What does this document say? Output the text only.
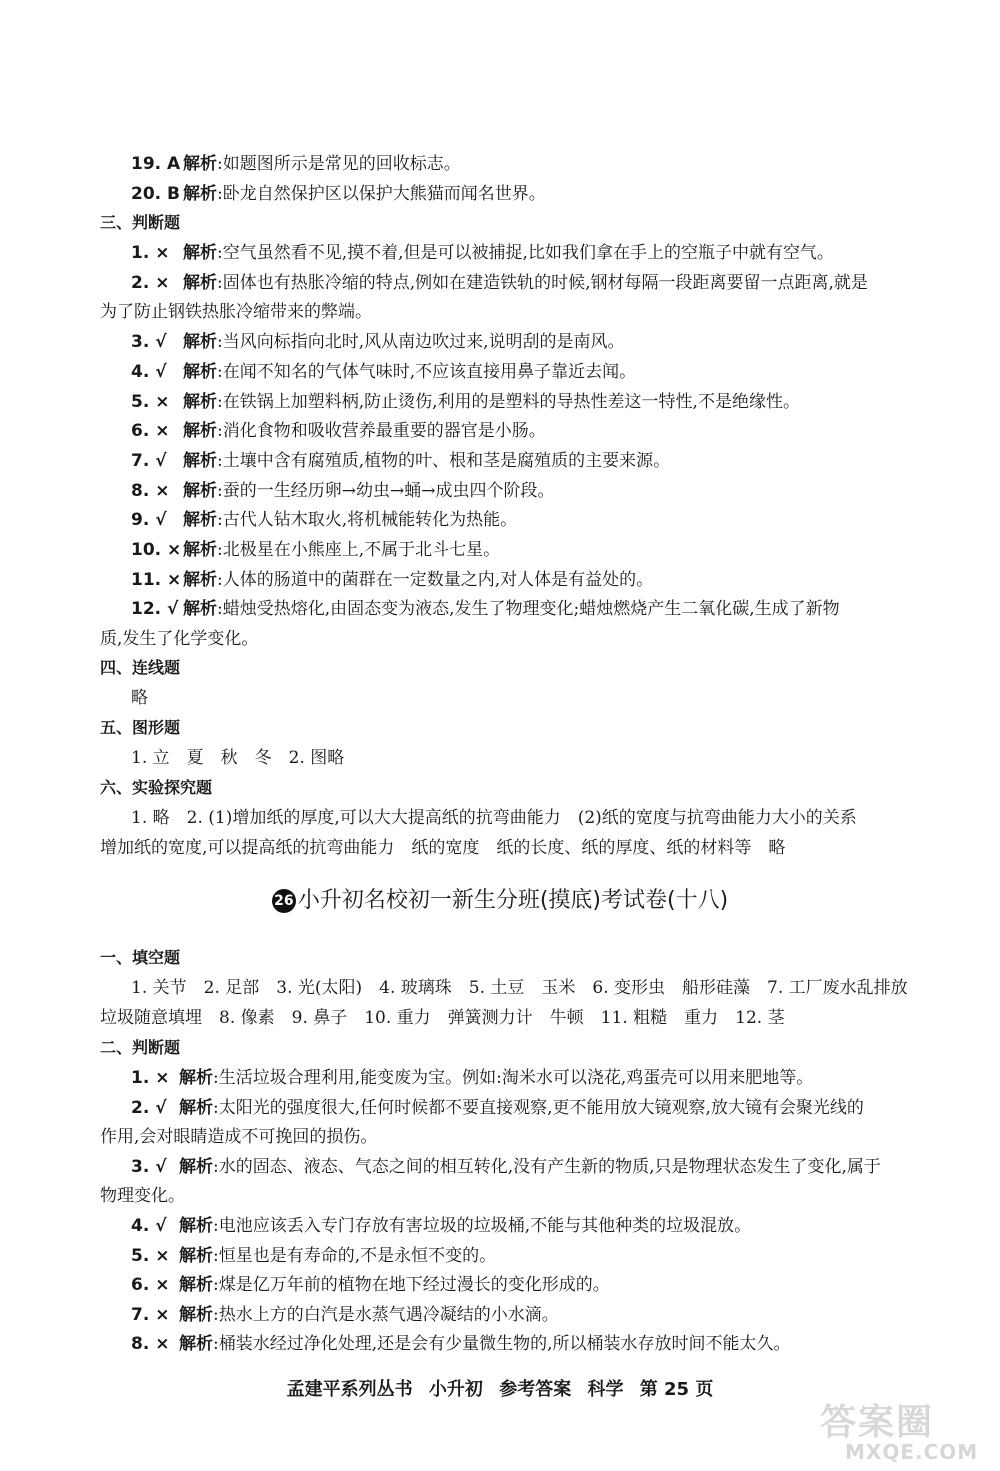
19. A 解析:如题图所示是常见的回收标志。
20. B 解析:卧龙自然保护区以保护大熊猫而闻名世界。
三、判断题
1. × 解析:空气虽然看不见,摸不着,但是可以被捕捉,比如我们拿在手上的空瓶子中就有空气。
2. × 解析:固体也有热胀冷缩的特点,例如在建造铁轨的时候,钢材每隔一段距离要留一点距离,就是
为了防止钢铁热胀冷缩带来的弊端。
3. √ 解析:当风向标指向北时,风从南边吹过来,说明刮的是南风。
4. √ 解析:在闻不知名的气体气味时,不应该直接用鼻子靠近去闻。
5. × 解析:在铁锅上加塑料柄,防止烫伤,利用的是塑料的导热性差这一特性,不是绝缘性。
6. × 解析:消化食物和吸收营养最重要的器官是小肠。
7. √ 解析:土壤中含有腐殖质,植物的叶、根和茎是腐殖质的主要来源。
8. × 解析:蚕的一生经历卵→幼虫→蛹→成虫四个阶段。
9. √ 解析:古代人钻木取火,将机械能转化为热能。
10. × 解析:北极星在小熊座上,不属于北斗七星。
11. × 解析:人体的肠道中的菌群在一定数量之内,对人体是有益处的。
12. √ 解析:蜡烛受热熔化,由固态变为液态,发生了物理变化;蜡烛燃烧产生二氧化碳,生成了新物
质,发生了化学变化。
四、连线题
略
五、图形题
1. 立　夏　秋　冬　2. 图略
六、实验探究题
1. 略　2. (1)增加纸的厚度,可以大大提高纸的抗弯曲能力　(2)纸的宽度与抗弯曲能力大小的关系
增加纸的宽度,可以提高纸的抗弯曲能力　纸的宽度　纸的长度、纸的厚度、纸的材料等　略
26 小升初名校初一新生分班(摸底)考试卷(十八)
一、填空题
1. 关节　2. 足部　3. 光(太阳)　4. 玻璃珠　5. 土豆　玉米　6. 变形虫　船形硅藻　7. 工厂废水乱排放
垃圾随意填埋　8. 像素　9. 鼻子　10. 重力　弹簧测力计　牛顿　11. 粗糙　重力　12. 茎
二、判断题
1. × 解析:生活垃圾合理利用,能变废为宝。例如:淘米水可以浇花,鸡蛋壳可以用来肥地等。
2. √ 解析:太阳光的强度很大,任何时候都不要直接观察,更不能用放大镜观察,放大镜有会聚光线的
作用,会对眼睛造成不可挽回的损伤。
3. √ 解析:水的固态、液态、气态之间的相互转化,没有产生新的物质,只是物理状态发生了变化,属于
物理变化。
4. √ 解析:电池应该丢入专门存放有害垃圾的垃圾桶,不能与其他种类的垃圾混放。
5. × 解析:恒星也是有寿命的,不是永恒不变的。
6. × 解析:煤是亿万年前的植物在地下经过漫长的变化形成的。
7. × 解析:热水上方的白汽是水蒸气遇冷凝结的小水滴。
8. × 解析:桶装水经过净化处理,还是会有少量微生物的,所以桶装水存放时间不能太久。
孟建平系列丛书 小升初 参考答案 科学 第 25 页
答案圈
MXQE.COM
